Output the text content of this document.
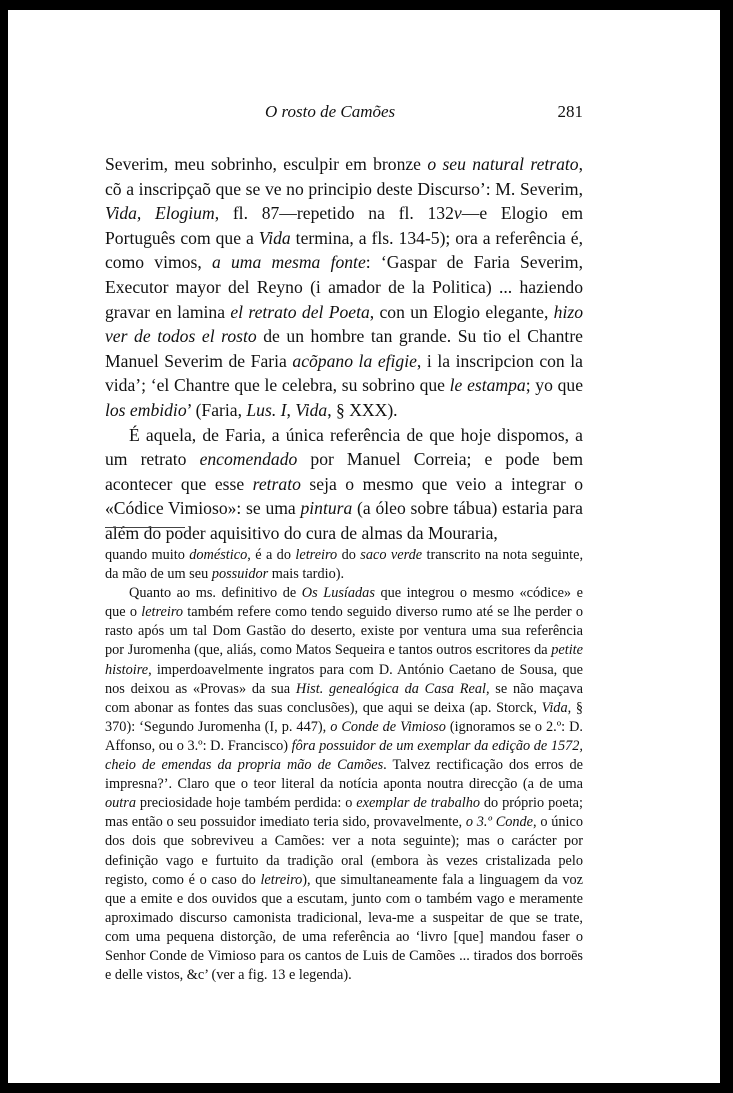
O rosto de Camões	281

Severim, meu sobrinho, esculpir em bronze o seu natural retrato, cõ a inscripçaõ que se ve no principio deste Discurso’: M. Severim, Vida, Elogium, fl. 87—repetido na fl. 132v—e Elogio em Português com que a Vida termina, a fls. 134-5); ora a referência é, como vimos, a uma mesma fonte: ‘Gaspar de Faria Severim, Executor mayor del Reyno (i amador de la Politica) ... haziendo gravar en lamina el retrato del Poeta, con un Elogio elegante, hizo ver de todos el rosto de un hombre tan grande. Su tio el Chantre Manuel Severim de Faria acõpano la efigie, i la inscripcion con la vida’; ‘el Chantre que le celebra, su sobrino que le estampa; yo que los embidio’ (Faria, Lus. I, Vida, § XXX).

É aquela, de Faria, a única referência de que hoje dispomos, a um retrato encomendado por Manuel Correia; e pode bem acontecer que esse retrato seja o mesmo que veio a integrar o «Códice Vimioso»: se uma pintura (a óleo sobre tábua) estaria para além do poder aquisitivo do cura de almas da Mouraria,

quando muito doméstico, é a do letreiro do saco verde transcrito na nota seguinte, da mão de um seu possuidor mais tardio).

Quanto ao ms. definitivo de Os Lusíadas que integrou o mesmo «códice» e que o letreiro também refere como tendo seguido diverso rumo até se lhe perder o rasto após um tal Dom Gastão do deserto, existe por ventura uma sua referência por Juromenha (que, aliás, como Matos Sequeira e tantos outros escritores da petite histoire, imperdoavelmente ingratos para com D. António Caetano de Sousa, que nos deixou as «Provas» da sua Hist. genealógica da Casa Real, se não maçava com abonar as fontes das suas conclusões), que aqui se deixa (ap. Storck, Vida, § 370): ‘Segundo Juromenha (I, p. 447), o Conde de Vimioso (ignoramos se o 2.º: D. Affonso, ou o 3.º: D. Francisco) fôra possuidor de um exemplar da edição de 1572, cheio de emendas da propria mão de Camões. Talvez rectificação dos erros de impresna?’. Claro que o teor literal da notícia aponta noutra direcção (a de uma outra preciosidade hoje também perdida: o exemplar de trabalho do próprio poeta; mas então o seu possuidor imediato teria sido, provavelmente, o 3.º Conde, o único dos dois que sobreviveu a Camões: ver a nota seguinte); mas o carácter por definição vago e furtuito da tradição oral (embora às vezes cristalizada pelo registo, como é o caso do letreiro), que simultaneamente fala a linguagem da voz que a emite e dos ouvidos que a escutam, junto com o também vago e meramente aproximado discurso camonista tradicional, leva-me a suspeitar de que se trate, com uma pequena distorção, de uma referência ao ‘livro [que] mandou faser o Senhor Conde de Vimioso para os cantos de Luis de Camões ... tirados dos borroēs e delle vistos, &c’ (ver a fig. 13 e legenda).
